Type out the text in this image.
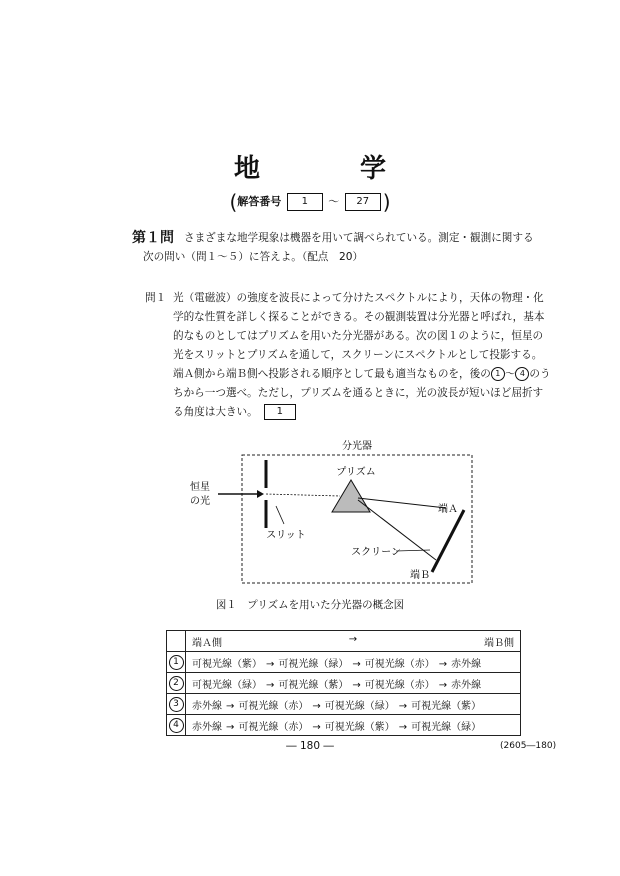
地	学
(解答番号 1 ～ 27 )
第１問 さまざまな地学現象は機器を用いて調べられている。測定・観測に関する
次の問い（問１～５）に答えよ。（配点　20）
問１ 光（電磁波）の強度を波長によって分けたスペクトルにより，天体の物理・化
学的な性質を詳しく探ることができる。その観測装置は分光器と呼ばれ，基本
的なものとしてはプリズムを用いた分光器がある。次の図１のように，恒星の
光をスリットとプリズムを通して，スクリーンにスペクトルとして投影する。
端Ａ側から端Ｂ側へ投影される順序として最も適当なものを，後の 1 ～ 4 のう
ちから一つ選べ。ただし，プリズムを通るときに，光の波長が短いほど屈折す
る角度は大きい。 1
分光器
恒星
の光
スリット
プリズム
端Ａ
端Ｂ
スクリーン
図１　プリズムを用いた分光器の概念図

	端Ａ側 → 端Ｂ側

1	可視光線（紫） → 可視光線（緑） → 可視光線（赤） → 赤外線
2	可視光線（緑） → 可視光線（紫） → 可視光線（赤） → 赤外線
3	赤外線 → 可視光線（赤） → 可視光線（緑） → 可視光線（紫）
4	赤外線 → 可視光線（赤） → 可視光線（紫） → 可視光線（緑）
― 180 ―	(2605―180)
